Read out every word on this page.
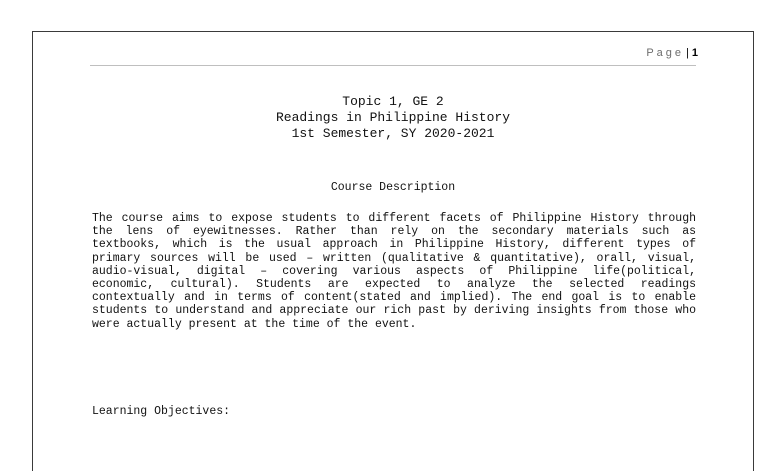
Page | 1
Topic 1, GE 2
Readings in Philippine History
1st Semester, SY 2020-2021
Course Description

The course aims to expose students to different facets of Philippine History through the lens of eyewitnesses. Rather than rely on the secondary materials such as textbooks, which is the usual approach in Philippine History, different types of primary sources will be used – written (qualitative & quantitative), orall, visual, audio-visual, digital – covering various aspects of Philippine life(political, economic, cultural). Students are expected to analyze the selected readings contextually and in terms of content(stated and implied). The end goal is to enable students to understand and appreciate our rich past by deriving insights from those who were actually present at the time of the event.

Learning Objectives:
